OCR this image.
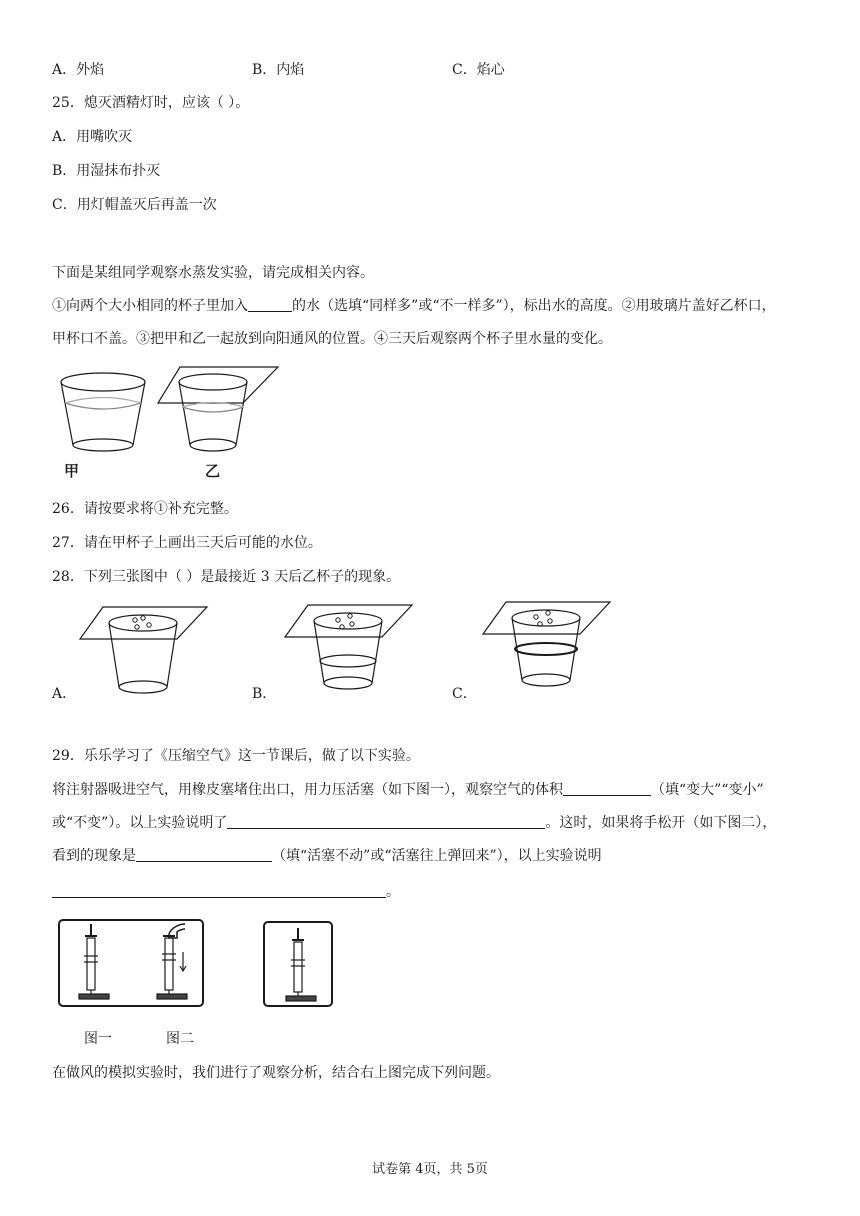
A．外焰	B．内焰	C．焰心
25．熄灭酒精灯时，应该（ ）。
A．用嘴吹灭
B．用湿抹布扑灭
C．用灯帽盖灭后再盖一次
下面是某组同学观察水蒸发实验，请完成相关内容。
①向两个大小相同的杯子里加入	的水（选填“同样多”或“不一样多”），标出水的高度。②用玻璃片盖好乙杯口，
甲杯口不盖。③把甲和乙一起放到向阳通风的位置。④三天后观察两个杯子里水量的变化。
甲	乙
26．请按要求将①补充完整。
27．请在甲杯子上画出三天后可能的水位。
28．下列三张图中（ ）是最接近 3 天后乙杯子的现象。
A．	B．	C．
29．乐乐学习了《压缩空气》这一节课后，做了以下实验。
将注射器吸进空气，用橡皮塞堵住出口，用力压活塞（如下图一），观察空气的体积	（填“变大”“变小”
或“不变”）。以上实验说明了	。这时，如果将手松开（如下图二），
看到的现象是	（填“活塞不动”或“活塞往上弹回来”），以上实验说明
。
图一	图二
在做风的模拟实验时，我们进行了观察分析，结合右上图完成下列问题。
试卷第 4页，共 5页
